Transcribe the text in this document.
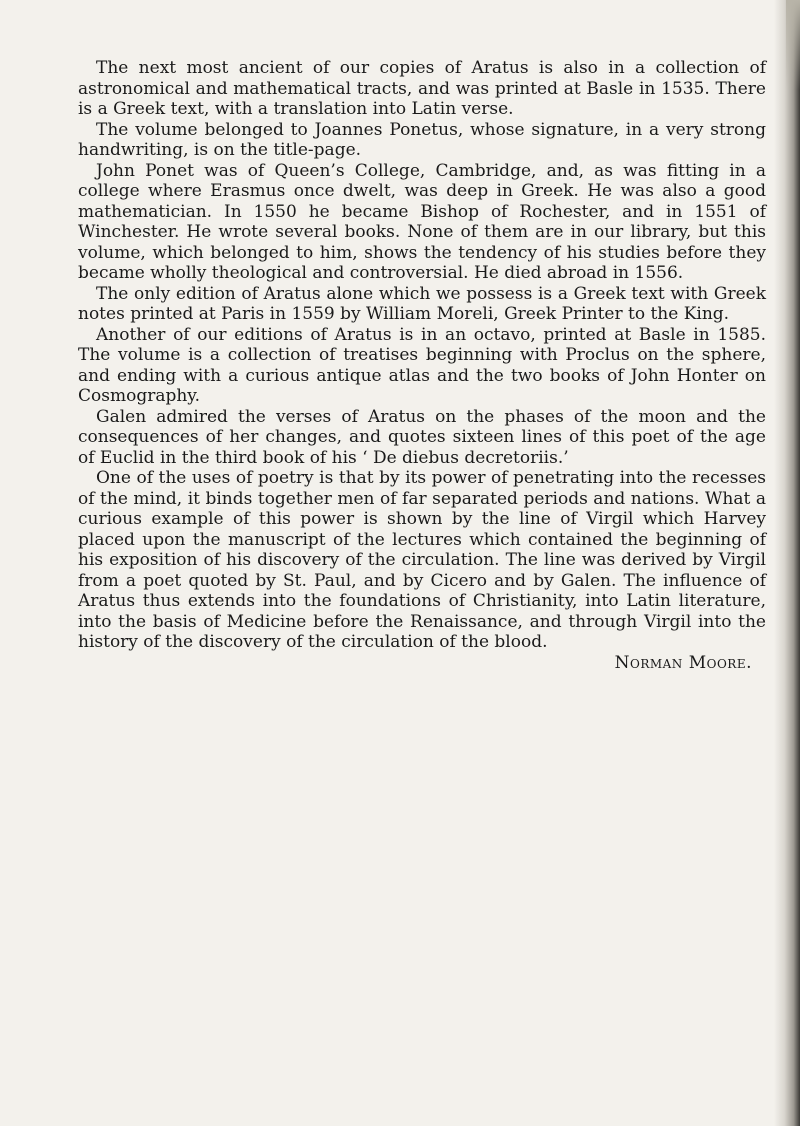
The next most ancient of our copies of Aratus is also in a collection of astronomical and mathematical tracts, and was printed at Basle in 1535. There is a Greek text, with a translation into Latin verse.

The volume belonged to Joannes Ponetus, whose signature, in a very strong handwriting, is on the title-page.

John Ponet was of Queen’s College, Cambridge, and, as was fitting in a college where Erasmus once dwelt, was deep in Greek. He was also a good mathematician. In 1550 he became Bishop of Rochester, and in 1551 of Winchester. He wrote several books. None of them are in our library, but this volume, which belonged to him, shows the tendency of his studies before they became wholly theological and controversial. He died abroad in 1556.

The only edition of Aratus alone which we possess is a Greek text with Greek notes printed at Paris in 1559 by William Moreli, Greek Printer to the King.

Another of our editions of Aratus is in an octavo, printed at Basle in 1585. The volume is a collection of treatises beginning with Proclus on the sphere, and ending with a curious antique atlas and the two books of John Honter on Cosmography.

Galen admired the verses of Aratus on the phases of the moon and the consequences of her changes, and quotes sixteen lines of this poet of the age of Euclid in the third book of his ‘ De diebus decretoriis.’

One of the uses of poetry is that by its power of penetrating into the recesses of the mind, it binds together men of far separated periods and nations. What a curious example of this power is shown by the line of Virgil which Harvey placed upon the manuscript of the lectures which contained the beginning of his exposition of his discovery of the circulation. The line was derived by Virgil from a poet quoted by St. Paul, and by Cicero and by Galen. The influence of Aratus thus extends into the foundations of Christianity, into Latin literature, into the basis of Medicine before the Renaissance, and through Virgil into the history of the discovery of the circulation of the blood.

Norman Moore.
